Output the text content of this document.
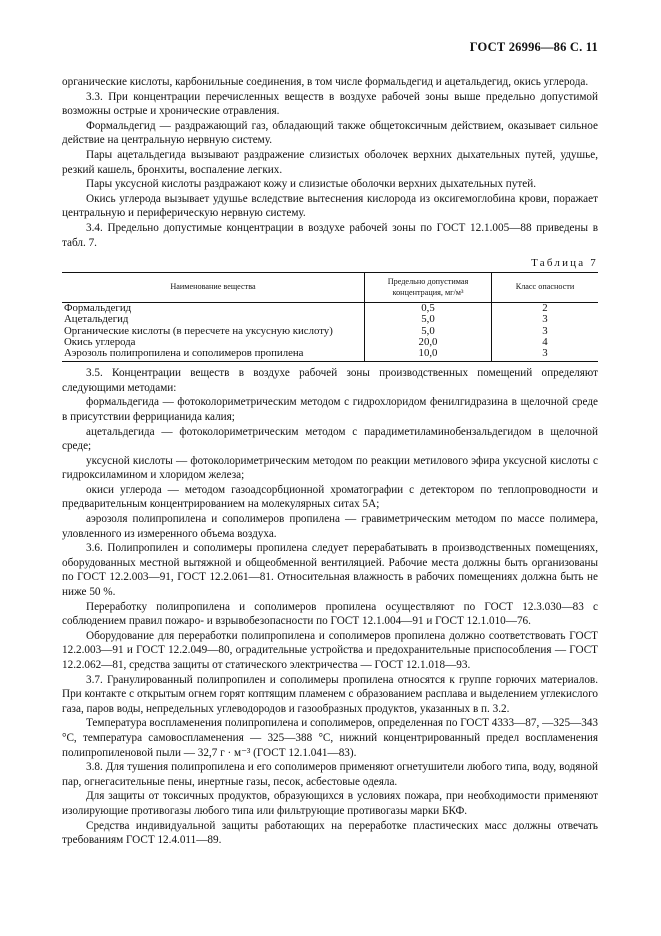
ГОСТ 26996—86 С. 11

органические кислоты, карбонильные соединения, в том числе формальдегид и ацетальдегид, окись углерода.

3.3. При концентрации перечисленных веществ в воздухе рабочей зоны выше предельно допустимой возможны острые и хронические отравления.

Формальдегид — раздражающий газ, обладающий также общетоксичным действием, оказывает сильное действие на центральную нервную систему.

Пары ацетальдегида вызывают раздражение слизистых оболочек верхних дыхательных путей, удушье, резкий кашель, бронхиты, воспаление легких.

Пары уксусной кислоты раздражают кожу и слизистые оболочки верхних дыхательных путей.

Окись углерода вызывает удушье вследствие вытеснения кислорода из оксигемоглобина крови, поражает центральную и периферическую нервную систему.

3.4. Предельно допустимые концентрации в воздухе рабочей зоны по ГОСТ 12.1.005—88 приведены в табл. 7.

Таблица 7
Наименование вещества	Предельно допустимая концентрация, мг/м³	Класс опасности
Формальдегид	0,5	2
Ацетальдегид	5,0	3
Органические кислоты (в пересчете на уксусную кислоту)	5,0	3
Окись углерода	20,0	4
Аэрозоль полипропилена и сополимеров пропилена	10,0	3

3.5. Концентрации веществ в воздухе рабочей зоны производственных помещений определяют следующими методами:

формальдегида — фотоколориметрическим методом с гидрохлоридом фенилгидразина в щелочной среде в присутствии феррицианида калия;

ацетальдегида — фотоколориметрическим методом с парадиметиламинобензальдегидом в щелочной среде;

уксусной кислоты — фотоколориметрическим методом по реакции метилового эфира уксусной кислоты с гидроксиламином и хлоридом железа;

окиси углерода — методом газоадсорбционной хроматографии с детектором по теплопроводности и предварительным концентрированием на молекулярных ситах 5А;

аэрозоля полипропилена и сополимеров пропилена — гравиметрическим методом по массе полимера, уловленного из измеренного объема воздуха.

3.6. Полипропилен и сополимеры пропилена следует перерабатывать в производственных помещениях, оборудованных местной вытяжной и общеобменной вентиляцией. Рабочие места должны быть организованы по ГОСТ 12.2.003—91, ГОСТ 12.2.061—81. Относительная влажность в рабочих помещениях должна быть не ниже 50 %.

Переработку полипропилена и сополимеров пропилена осуществляют по ГОСТ 12.3.030—83 с соблюдением правил пожаро- и взрывобезопасности по ГОСТ 12.1.004—91 и ГОСТ 12.1.010—76.

Оборудование для переработки полипропилена и сополимеров пропилена должно соответствовать ГОСТ 12.2.003—91 и ГОСТ 12.2.049—80, оградительные устройства и предохранительные приспособления — ГОСТ 12.2.062—81, средства защиты от статического электричества — ГОСТ 12.1.018—93.

3.7. Гранулированный полипропилен и сополимеры пропилена относятся к группе горючих материалов. При контакте с открытым огнем горят коптящим пламенем с образованием расплава и выделением углекислого газа, паров воды, непредельных углеводородов и газообразных продуктов, указанных в п. 3.2.

Температура воспламенения полипропилена и сополимеров, определенная по ГОСТ 4333—87, —325—343 °С, температура самовоспламенения — 325—388 °С, нижний концентрированный предел воспламенения полипропиленовой пыли — 32,7 г · м⁻³ (ГОСТ 12.1.041—83).

3.8. Для тушения полипропилена и его сополимеров применяют огнетушители любого типа, воду, водяной пар, огнегасительные пены, инертные газы, песок, асбестовые одеяла.

Для защиты от токсичных продуктов, образующихся в условиях пожара, при необходимости применяют изолирующие противогазы любого типа или фильтрующие противогазы марки БКФ.

Средства индивидуальной защиты работающих на переработке пластических масс должны отвечать требованиям ГОСТ 12.4.011—89.
